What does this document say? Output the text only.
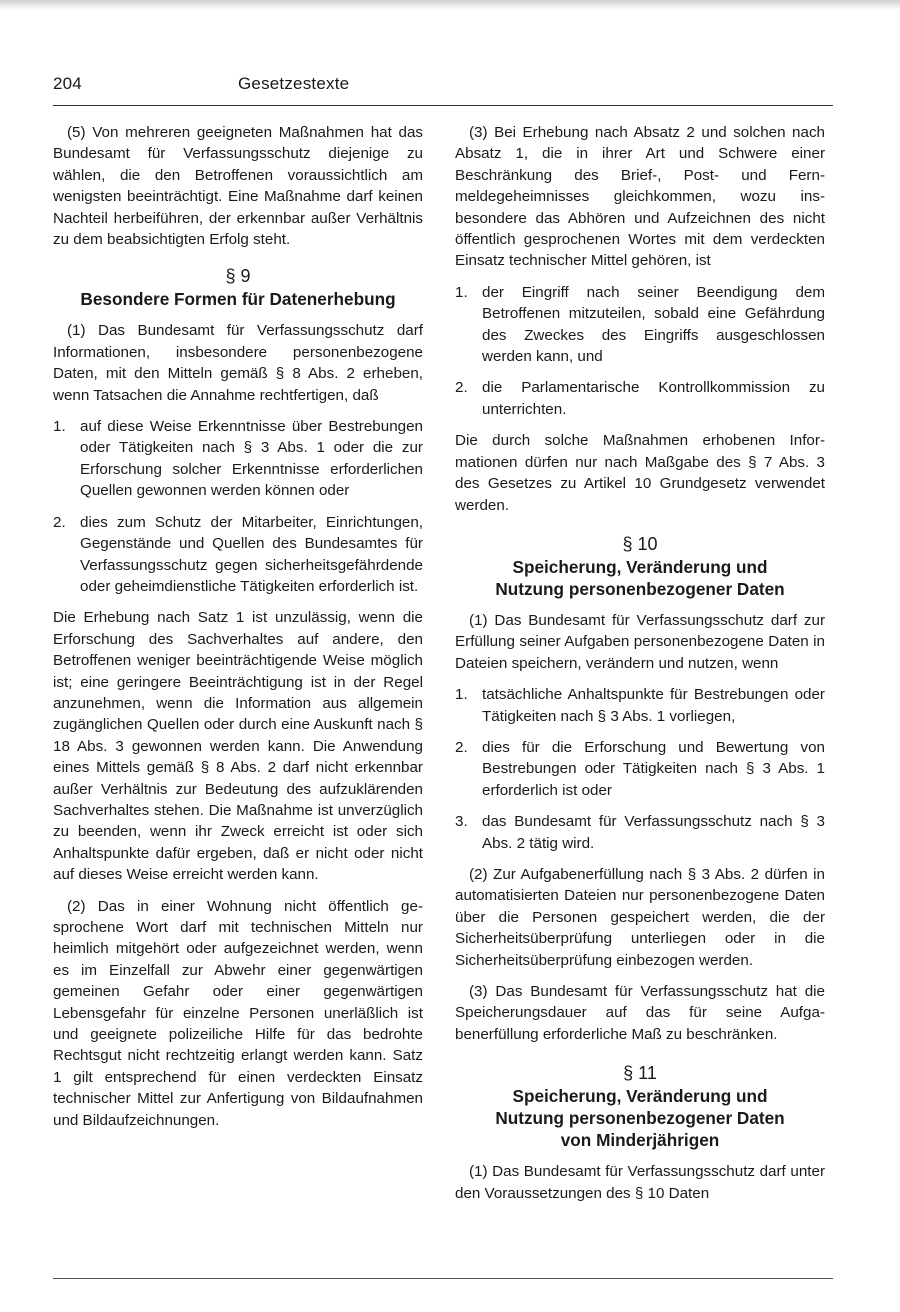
204	Gesetzestexte

(5) Von mehreren geeigneten Maßnahmen hat das Bundesamt für Verfassungsschutz diejenige zu wählen, die den Betroffenen voraussichtlich am wenigsten beeinträchtigt. Eine Maßnahme darf keinen Nachteil herbeiführen, der erkennbar außer Verhältnis zu dem beabsichtigten Erfolg steht.

§ 9
Besondere Formen für Datenerhebung

(1) Das Bundesamt für Verfassungsschutz darf Informationen, insbesondere personenbezogene Daten, mit den Mitteln gemäß § 8 Abs. 2 erheben, wenn Tatsachen die Annahme rechtfertigen, daß

1. auf diese Weise Erkenntnisse über Bestrebungen oder Tätigkeiten nach § 3 Abs. 1 oder die zur Erforschung solcher Erkenntnisse erforderlichen Quellen gewonnen werden können oder
2. dies zum Schutz der Mitarbeiter, Einrichtungen, Gegenstände und Quellen des Bundesamtes für Verfassungsschutz gegen sicherheitsgefährdende oder geheimdienstliche Tätigkeiten erforderlich ist.

Die Erhebung nach Satz 1 ist unzulässig, wenn die Erforschung des Sachverhaltes auf andere, den Betroffenen weniger beeinträchtigende Weise möglich ist; eine geringere Beeinträchtigung ist in der Regel anzunehmen, wenn die Information aus allgemein zugänglichen Quellen oder durch eine Auskunft nach § 18 Abs. 3 gewonnen werden kann. Die Anwendung eines Mittels gemäß § 8 Abs. 2 darf nicht erkennbar außer Verhältnis zur Bedeutung des aufzuklärenden Sachverhaltes stehen. Die Maßnahme ist unverzüglich zu beenden, wenn ihr Zweck erreicht ist oder sich Anhaltspunkte dafür ergeben, daß er nicht oder nicht auf dieses Weise erreicht werden kann.

(2) Das in einer Wohnung nicht öffentlich gesprochene Wort darf mit technischen Mitteln nur heimlich mitgehört oder aufgezeichnet werden, wenn es im Einzelfall zur Abwehr einer gegenwärtigen gemeinen Gefahr oder einer gegenwärtigen Lebensgefahr für einzelne Personen unerläßlich ist und geeignete polizeiliche Hilfe für das bedrohte Rechtsgut nicht rechtzeitig erlangt werden kann. Satz 1 gilt entsprechend für einen verdeckten Einsatz technischer Mittel zur Anfertigung von Bildaufnahmen und Bildaufzeichnungen.

(3) Bei Erhebung nach Absatz 2 und solchen nach Absatz 1, die in ihrer Art und Schwere einer Beschränkung des Brief-, Post- und Fernmeldegeheimnisses gleichkommen, wozu insbesondere das Abhören und Aufzeichnen des nicht öffentlich gesprochenen Wortes mit dem verdeckten Einsatz technischer Mittel gehören, ist

1. der Eingriff nach seiner Beendigung dem Betroffenen mitzuteilen, sobald eine Gefährdung des Zweckes des Eingriffs ausgeschlossen werden kann, und
2. die Parlamentarische Kontrollkommission zu unterrichten.

Die durch solche Maßnahmen erhobenen Informationen dürfen nur nach Maßgabe des § 7 Abs. 3 des Gesetzes zu Artikel 10 Grundgesetz verwendet werden.

§ 10
Speicherung, Veränderung und
Nutzung personenbezogener Daten

(1) Das Bundesamt für Verfassungsschutz darf zur Erfüllung seiner Aufgaben personenbezogene Daten in Dateien speichern, verändern und nutzen, wenn

1. tatsächliche Anhaltspunkte für Bestrebungen oder Tätigkeiten nach § 3 Abs. 1 vorliegen,
2. dies für die Erforschung und Bewertung von Bestrebungen oder Tätigkeiten nach § 3 Abs. 1 erforderlich ist oder
3. das Bundesamt für Verfassungsschutz nach § 3 Abs. 2 tätig wird.

(2) Zur Aufgabenerfüllung nach § 3 Abs. 2 dürfen in automatisierten Dateien nur personenbezogene Daten über die Personen gespeichert werden, die der Sicherheitsüberprüfung unterliegen oder in die Sicherheitsüberprüfung einbezogen werden.

(3) Das Bundesamt für Verfassungsschutz hat die Speicherungsdauer auf das für seine Aufgabenerfüllung erforderliche Maß zu beschränken.

§ 11
Speicherung, Veränderung und
Nutzung personenbezogener Daten
von Minderjährigen

(1) Das Bundesamt für Verfassungsschutz darf unter den Voraussetzungen des § 10 Daten
